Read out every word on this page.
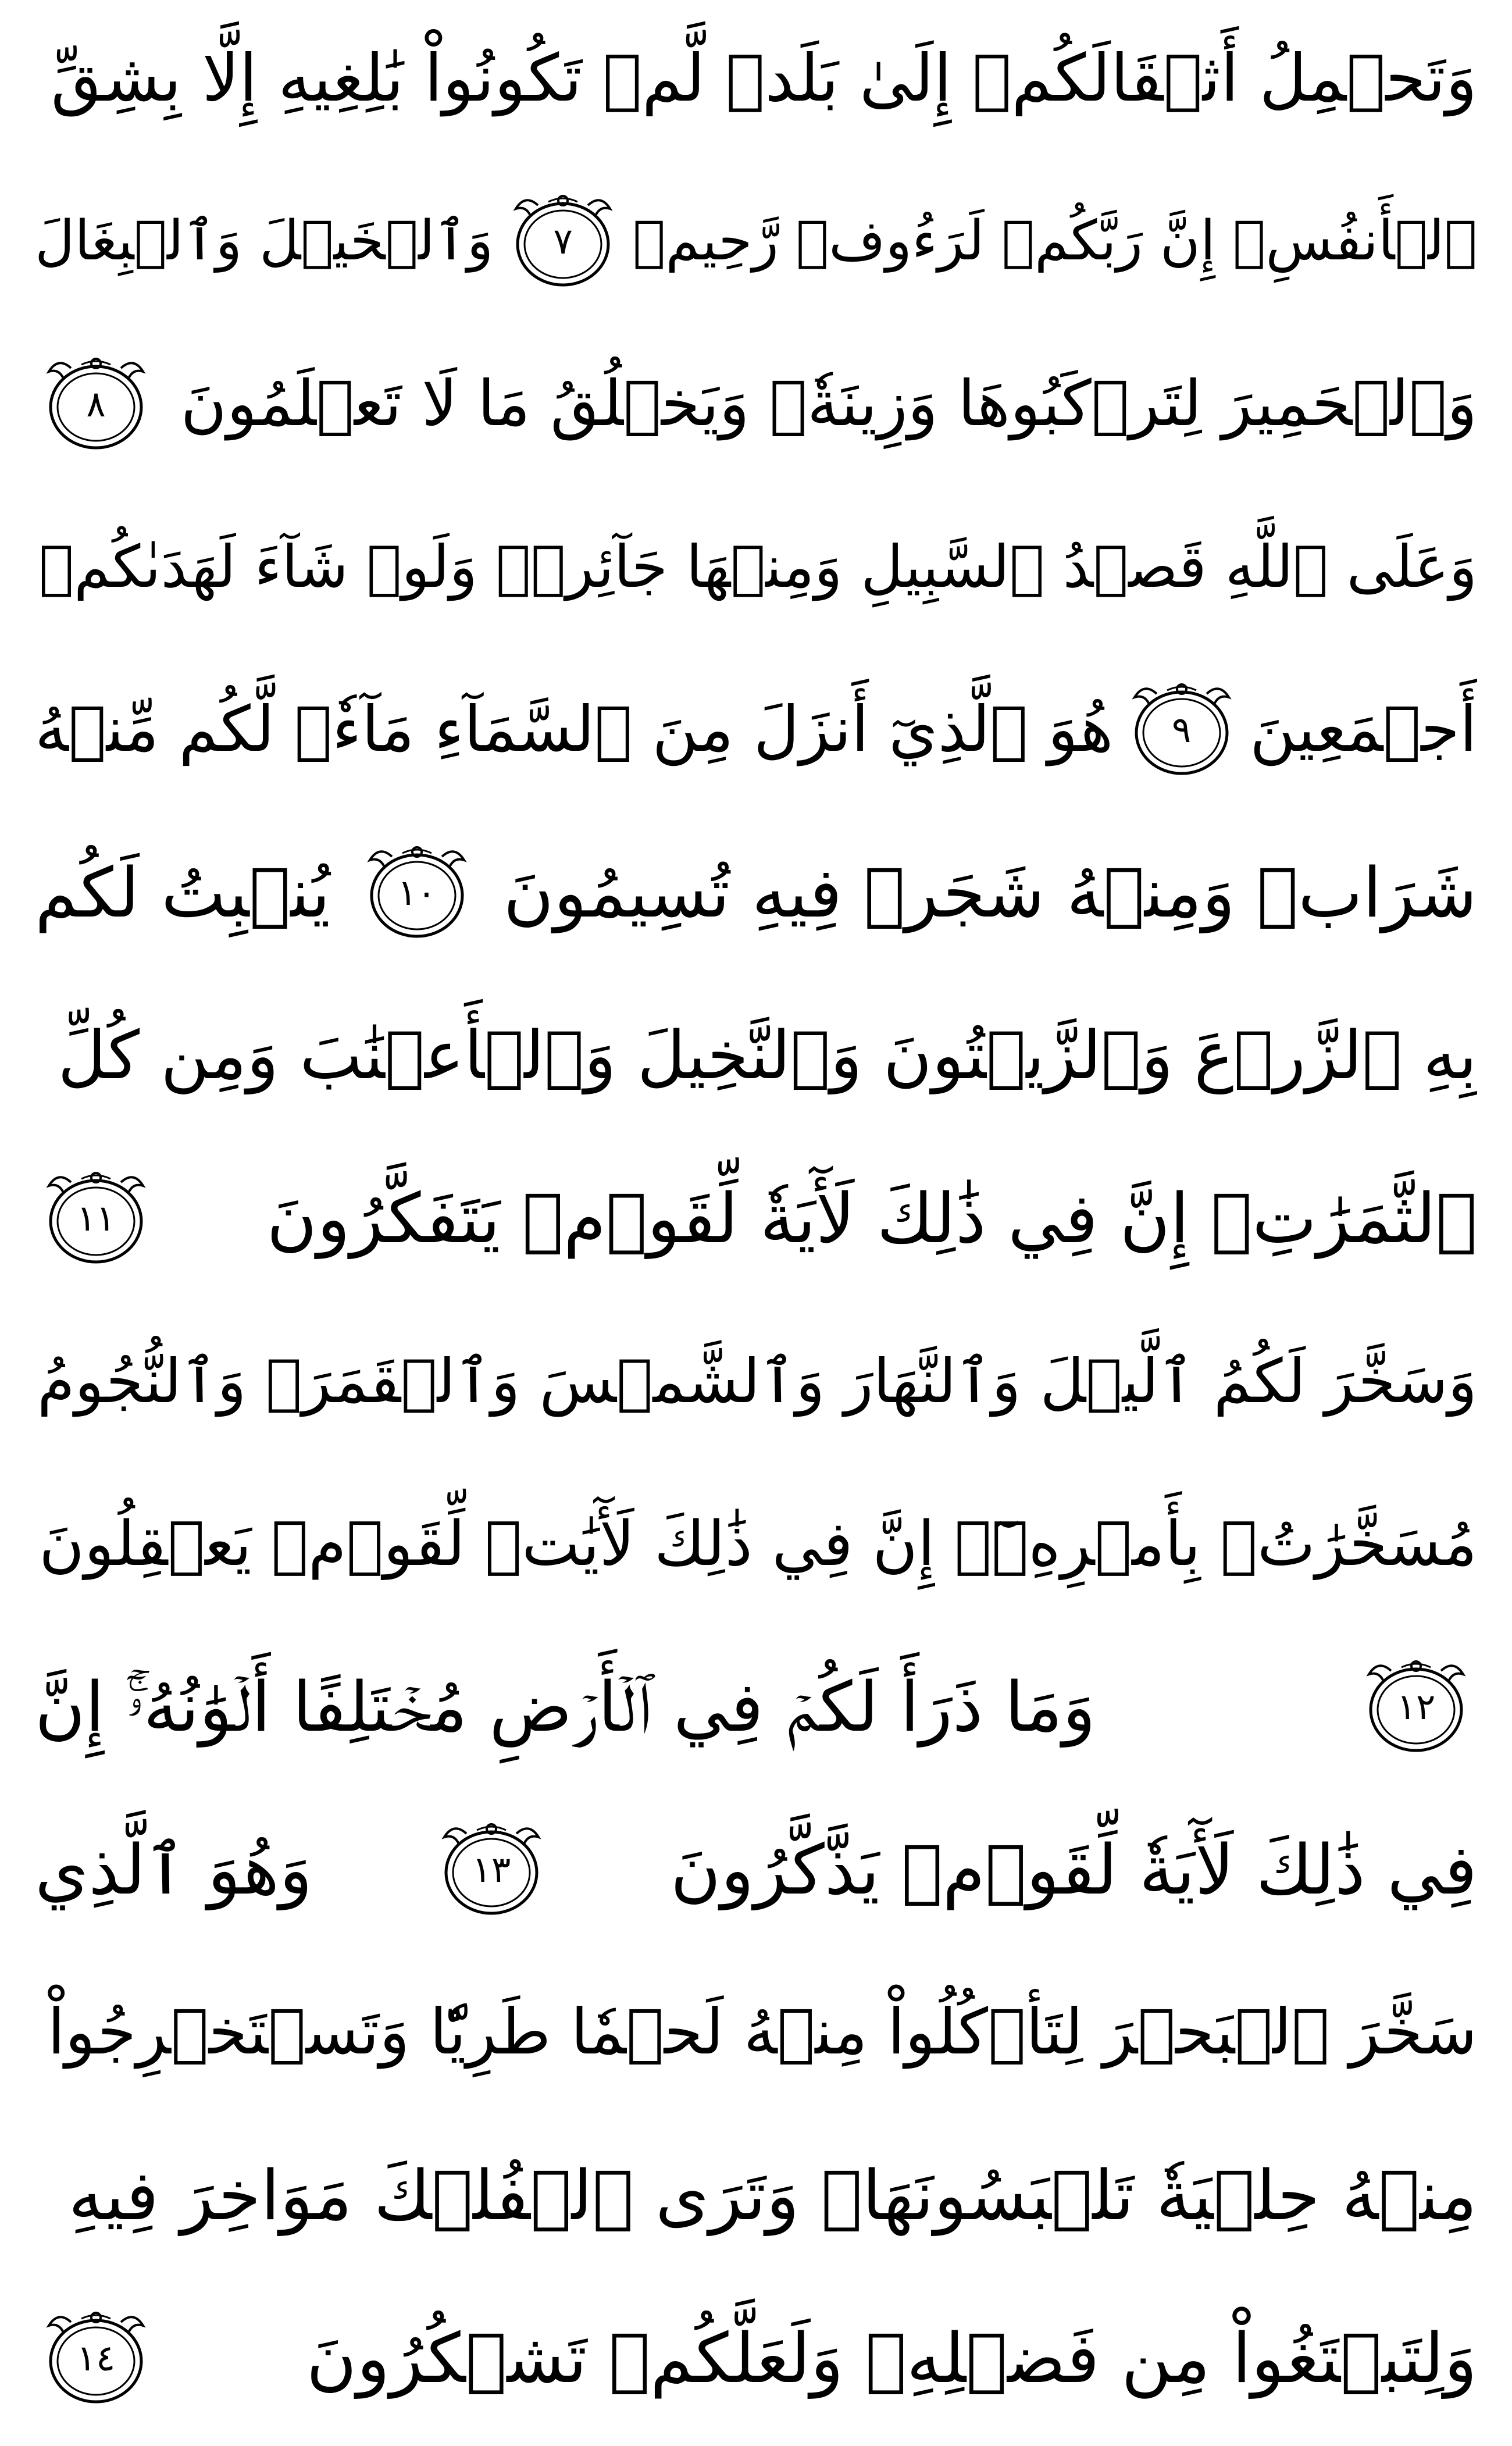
وَتَحۡمِلُ أَثۡقَالَكُمۡ إِلَىٰ بَلَدٖ لَّمۡ تَكُونُواْ بَٰلِغِيهِ إِلَّا بِشِقِّ
ٱلۡأَنفُسِۚ إِنَّ رَبَّكُمۡ لَرَءُوفٞ رَّحِيمٞ
٧
وَٱلۡخَيۡلَ وَٱلۡبِغَالَ
وَٱلۡحَمِيرَ لِتَرۡكَبُوهَا وَزِينَةٗۚ وَيَخۡلُقُ مَا لَا تَعۡلَمُونَ
٨
وَعَلَى ٱللَّهِ قَصۡدُ ٱلسَّبِيلِ وَمِنۡهَا جَآئِرٞۚ وَلَوۡ شَآءَ لَهَدَىٰكُمۡ
أَجۡمَعِينَ
٩
هُوَ ٱلَّذِيٓ أَنزَلَ مِنَ ٱلسَّمَآءِ مَآءٗۖ لَّكُم مِّنۡهُ
شَرَابٞ وَمِنۡهُ شَجَرٞ فِيهِ تُسِيمُونَ
١٠
يُنۢبِتُ لَكُم
بِهِ ٱلزَّرۡعَ وَٱلزَّيۡتُونَ وَٱلنَّخِيلَ وَٱلۡأَعۡنَٰبَ وَمِن كُلِّ
ٱلثَّمَرَٰتِۚ إِنَّ فِي ذَٰلِكَ لَأٓيَةٗ لِّقَوۡمٖ يَتَفَكَّرُونَ
١١
وَسَخَّرَ لَكُمُ ٱلَّيۡلَ وَٱلنَّهَارَ وَٱلشَّمۡسَ وَٱلۡقَمَرَۖ وَٱلنُّجُومُ
مُسَخَّرَٰتُۢ بِأَمۡرِهِۦٓۚ إِنَّ فِي ذَٰلِكَ لَأٓيَٰتٖ لِّقَوۡمٖ يَعۡقِلُونَ
١٢
وَمَا ذَرَأَ لَكُمۡ فِي ٱلۡأَرۡضِ مُخۡتَلِفًا أَلۡوَٰنُهُۥٓۚ إِنَّ
فِي ذَٰلِكَ لَأٓيَةٗ لِّقَوۡمٖ يَذَّكَّرُونَ
١٣
وَهُوَ ٱلَّذِي
سَخَّرَ ٱلۡبَحۡرَ لِتَأۡكُلُواْ مِنۡهُ لَحۡمٗا طَرِيّٗا وَتَسۡتَخۡرِجُواْ
مِنۡهُ حِلۡيَةٗ تَلۡبَسُونَهَاۖ وَتَرَى ٱلۡفُلۡكَ مَوَاخِرَ فِيهِ
وَلِتَبۡتَغُواْ مِن فَضۡلِهِۦ وَلَعَلَّكُمۡ تَشۡكُرُونَ
١٤
